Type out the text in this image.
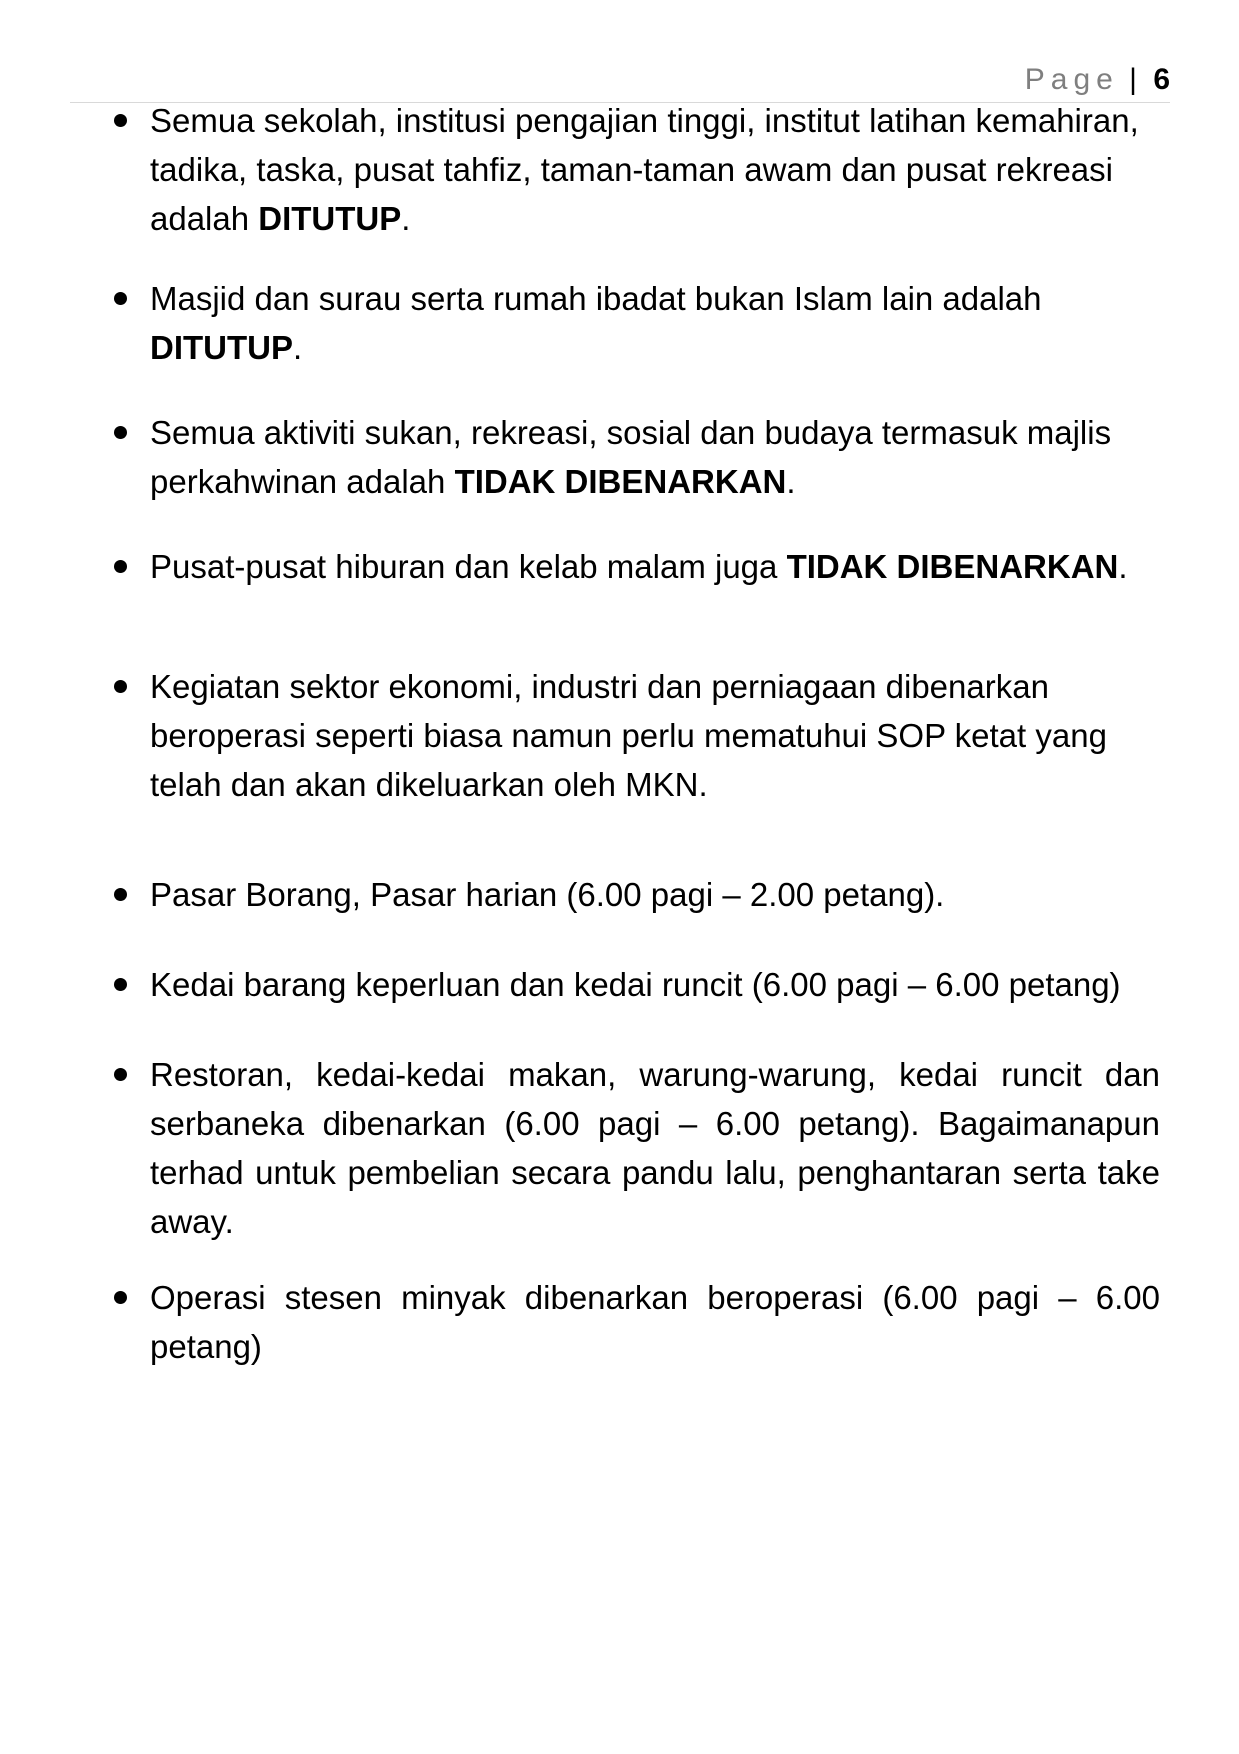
Page | 6
Semua sekolah, institusi pengajian tinggi, institut latihan kemahiran, tadika, taska, pusat tahfiz, taman-taman awam dan pusat rekreasi adalah DITUTUP.
Masjid dan surau serta rumah ibadat bukan Islam lain adalah DITUTUP.
Semua aktiviti sukan, rekreasi, sosial dan budaya termasuk majlis perkahwinan adalah TIDAK DIBENARKAN.
Pusat-pusat hiburan dan kelab malam juga TIDAK DIBENARKAN.
Kegiatan sektor ekonomi, industri dan perniagaan dibenarkan beroperasi seperti biasa namun perlu mematuhui SOP ketat yang telah dan akan dikeluarkan oleh MKN.
Pasar Borang, Pasar harian (6.00 pagi – 2.00 petang).
Kedai barang keperluan dan kedai runcit (6.00 pagi – 6.00 petang)
Restoran, kedai-kedai makan, warung-warung, kedai runcit dan serbaneka dibenarkan (6.00 pagi – 6.00 petang). Bagaimanapun terhad untuk pembelian secara pandu lalu, penghantaran serta take away.
Operasi stesen minyak dibenarkan beroperasi (6.00 pagi – 6.00 petang)
